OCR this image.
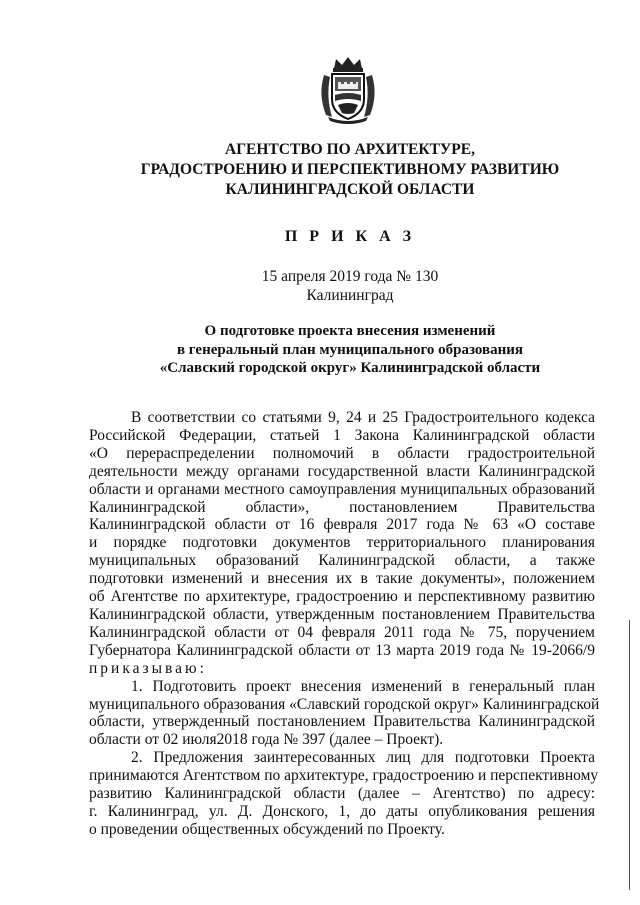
АГЕНТСТВО ПО АРХИТЕКТУРЕ,
ГРАДОСТРОЕНИЮ И ПЕРСПЕКТИВНОМУ РАЗВИТИЮ
КАЛИНИНГРАДСКОЙ ОБЛАСТИ
П Р И К А З
15 апреля 2019 года № 130
Калининград
О подготовке проекта внесения изменений
в генеральный план муниципального образования
«Славский городской округ» Калининградской области
В соответствии со статьями 9, 24 и 25 Градостроительного кодекса
Российской Федерации, статьей 1 Закона Калининградской области
«О перераспределении полномочий в области градостроительной
деятельности между органами государственной власти Калининградской
области и органами местного самоуправления муниципальных образований
Калининградской области», постановлением Правительства
Калининградской области от 16 февраля 2017 года № 63 «О составе
и порядке подготовки документов территориального планирования
муниципальных образований Калининградской области, а также
подготовки изменений и внесения их в такие документы», положением
об Агентстве по архитектуре, градостроению и перспективному развитию
Калининградской области, утвержденным постановлением Правительства
Калининградской области от 04 февраля 2011 года № 75, поручением
Губернатора Калининградской области от 13 марта 2019 года № 19-2066/9
приказываю:
1. Подготовить проект внесения изменений в генеральный план
муниципального образования «Славский городской округ» Калининградской
области, утвержденный постановлением Правительства Калининградской
области от 02 июля2018 года № 397 (далее – Проект).
2. Предложения заинтересованных лиц для подготовки Проекта
принимаются Агентством по архитектуре, градостроению и перспективному
развитию Калининградской области (далее – Агентство) по адресу:
г. Калининград, ул. Д. Донского, 1, до даты опубликования решения
о проведении общественных обсуждений по Проекту.
